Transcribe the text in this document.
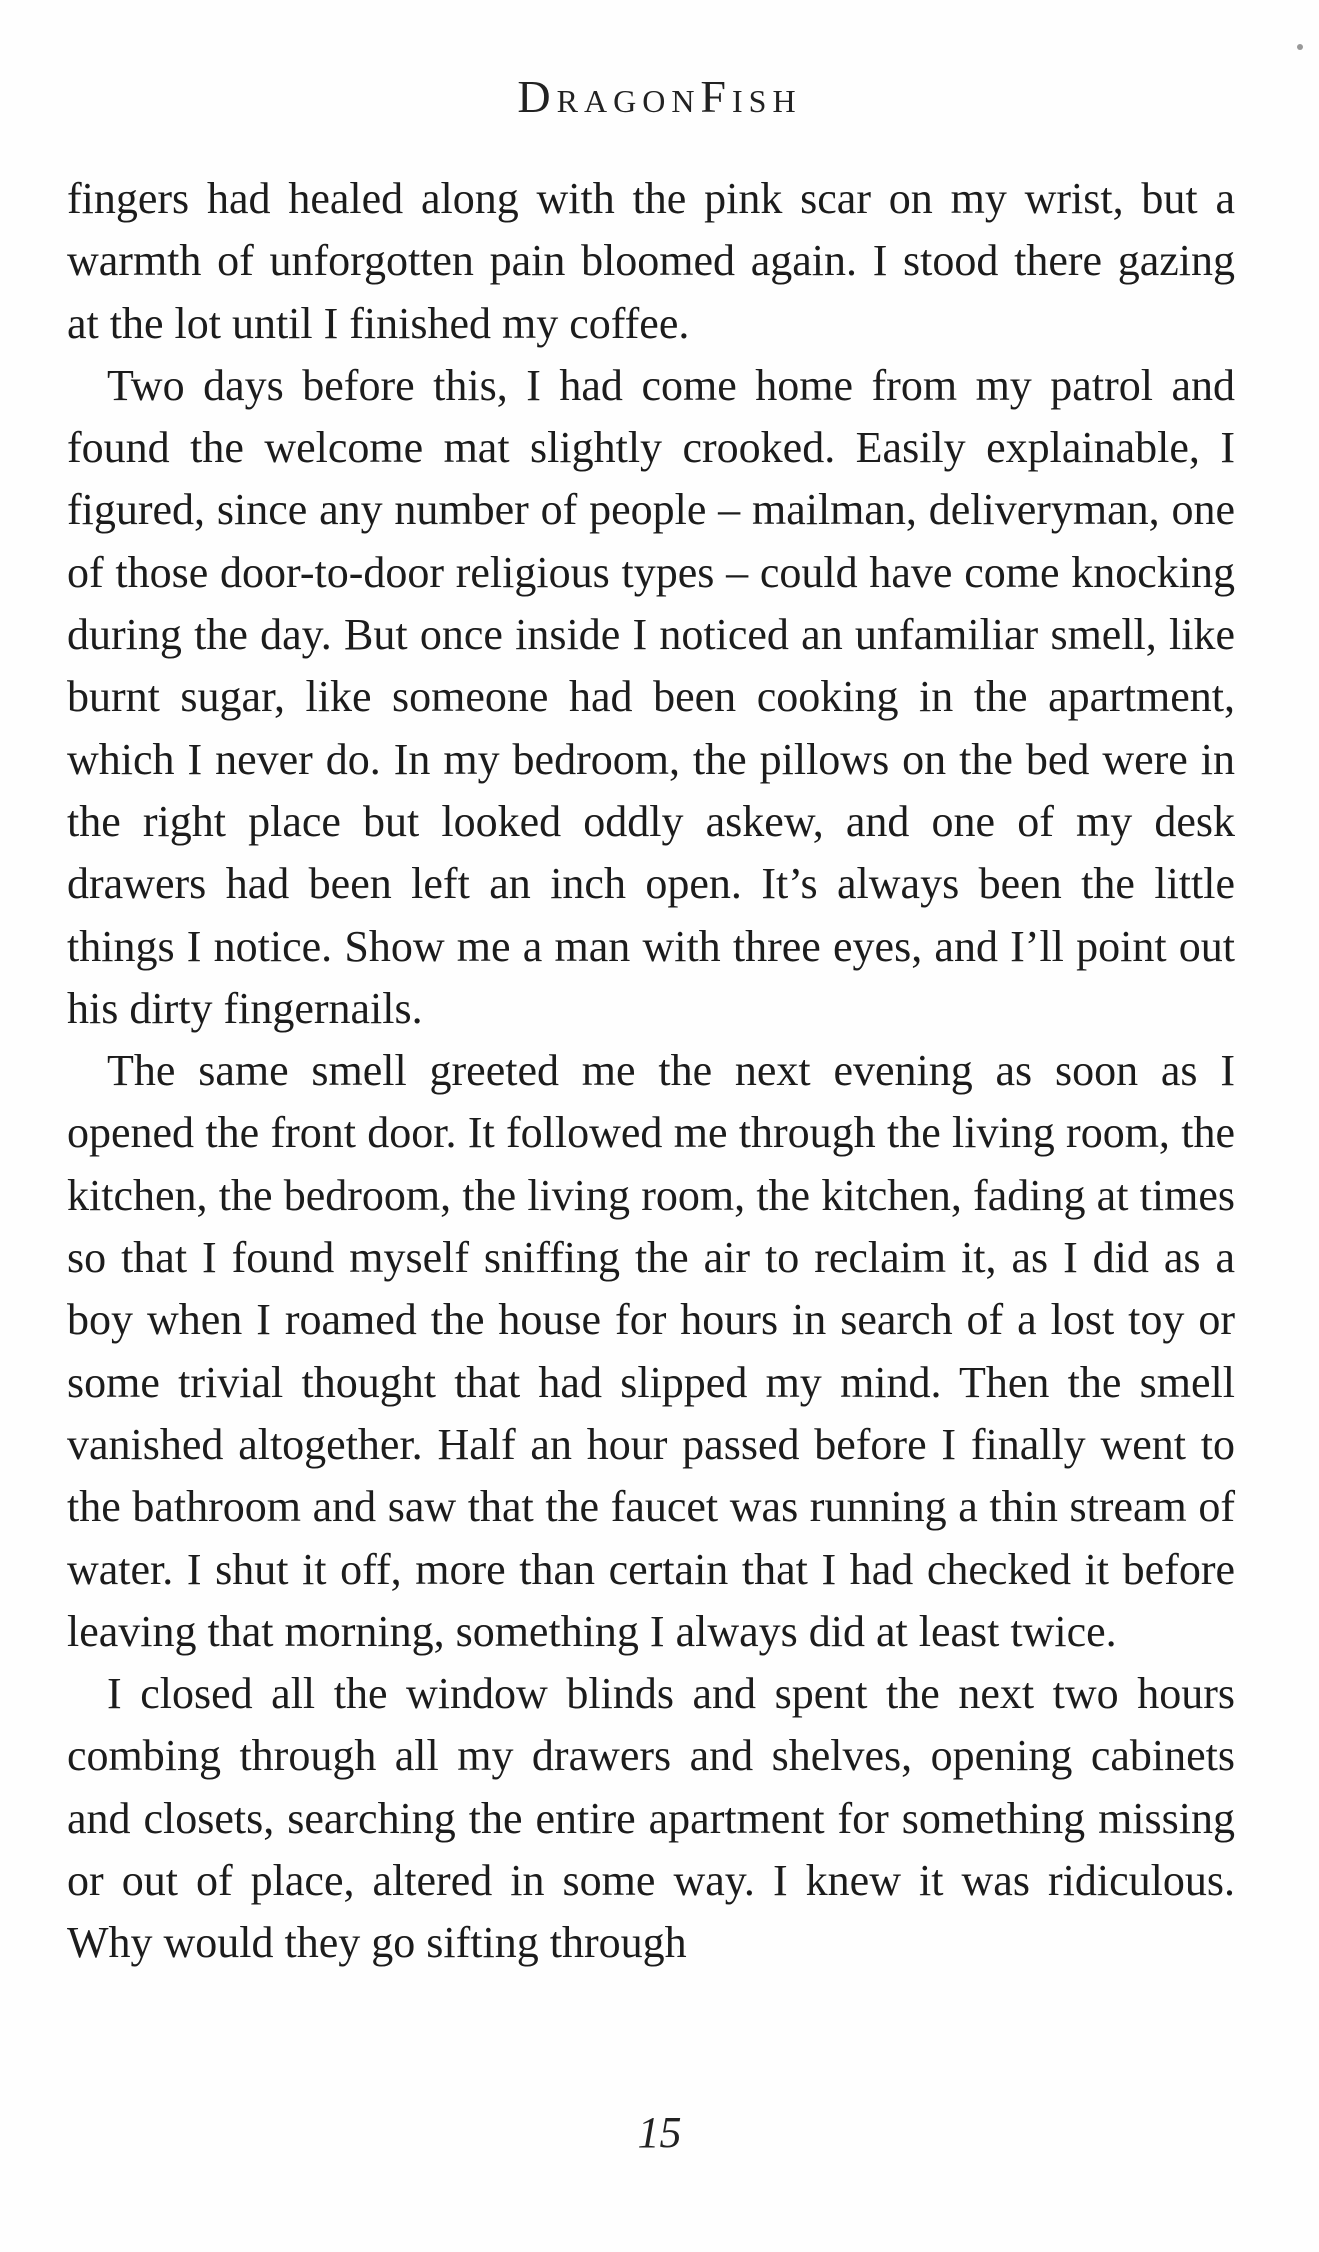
DragonFish

fingers had healed along with the pink scar on my wrist, but a warmth of unforgotten pain bloomed again. I stood there gazing at the lot until I finished my coffee.

Two days before this, I had come home from my patrol and found the welcome mat slightly crooked. Easily explainable, I figured, since any number of people – mailman, deliveryman, one of those door-to-door religious types – could have come knocking during the day. But once inside I noticed an unfamiliar smell, like burnt sugar, like someone had been cooking in the apartment, which I never do. In my bedroom, the pillows on the bed were in the right place but looked oddly askew, and one of my desk drawers had been left an inch open. It’s always been the little things I notice. Show me a man with three eyes, and I’ll point out his dirty fingernails.

The same smell greeted me the next evening as soon as I opened the front door. It followed me through the living room, the kitchen, the bedroom, the living room, the kitchen, fading at times so that I found myself sniffing the air to reclaim it, as I did as a boy when I roamed the house for hours in search of a lost toy or some trivial thought that had slipped my mind. Then the smell vanished altogether. Half an hour passed before I finally went to the bathroom and saw that the faucet was running a thin stream of water. I shut it off, more than certain that I had checked it before leaving that morning, something I always did at least twice.

I closed all the window blinds and spent the next two hours combing through all my drawers and shelves, opening cabinets and closets, searching the entire apartment for something missing or out of place, altered in some way. I knew it was ridiculous. Why would they go sifting through

15
